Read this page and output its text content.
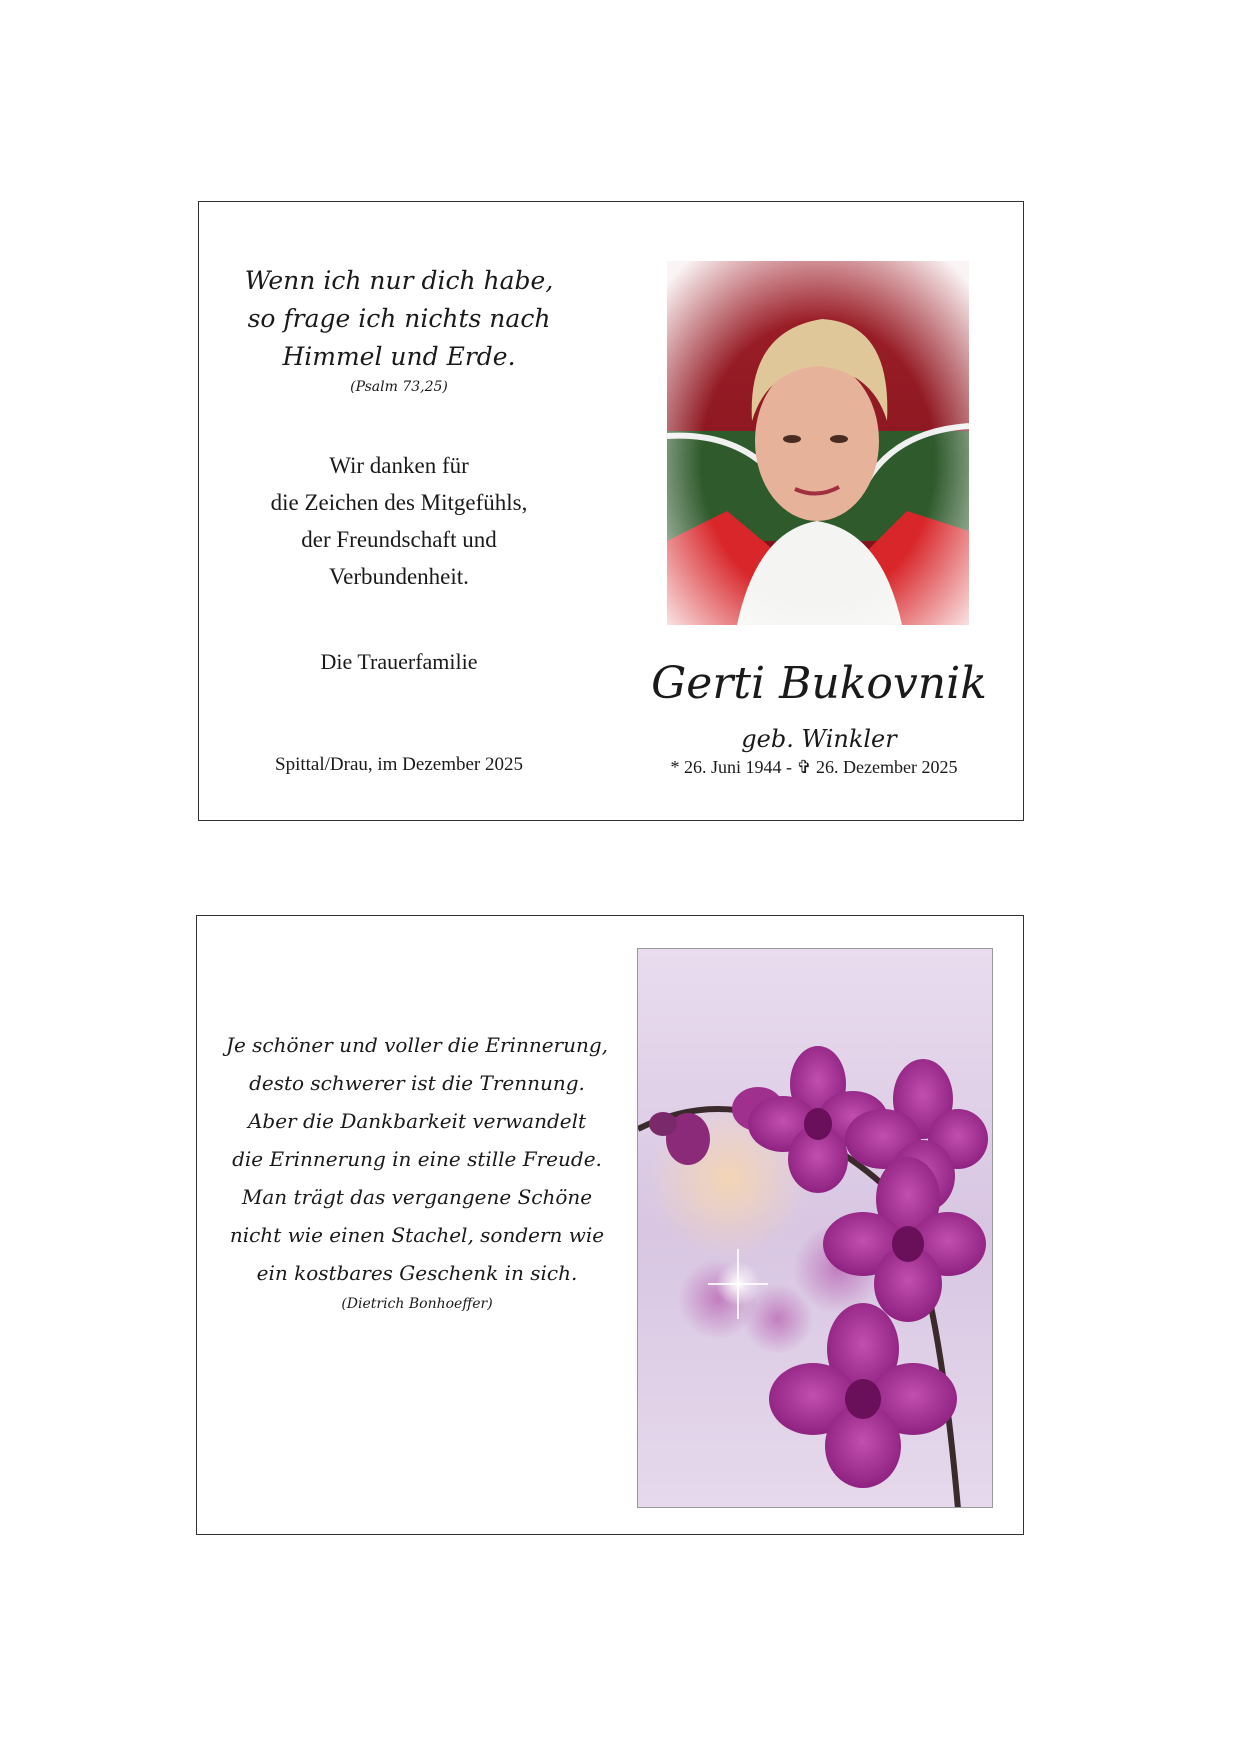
Wenn ich nur dich habe,
so frage ich nichts nach
Himmel und Erde.
(Psalm 73,25)
Wir danken für
die Zeichen des Mitgefühls,
der Freundschaft und
Verbundenheit.
Die Trauerfamilie
Spittal/Drau, im Dezember 2025
Gerti Bukovnik
geb. Winkler
* 26. Juni 1944 - ✞ 26. Dezember 2025
Je schöner und voller die Erinnerung,
desto schwerer ist die Trennung.
Aber die Dankbarkeit verwandelt
die Erinnerung in eine stille Freude.
Man trägt das vergangene Schöne
nicht wie einen Stachel, sondern wie
ein kostbares Geschenk in sich.
(Dietrich Bonhoeffer)
